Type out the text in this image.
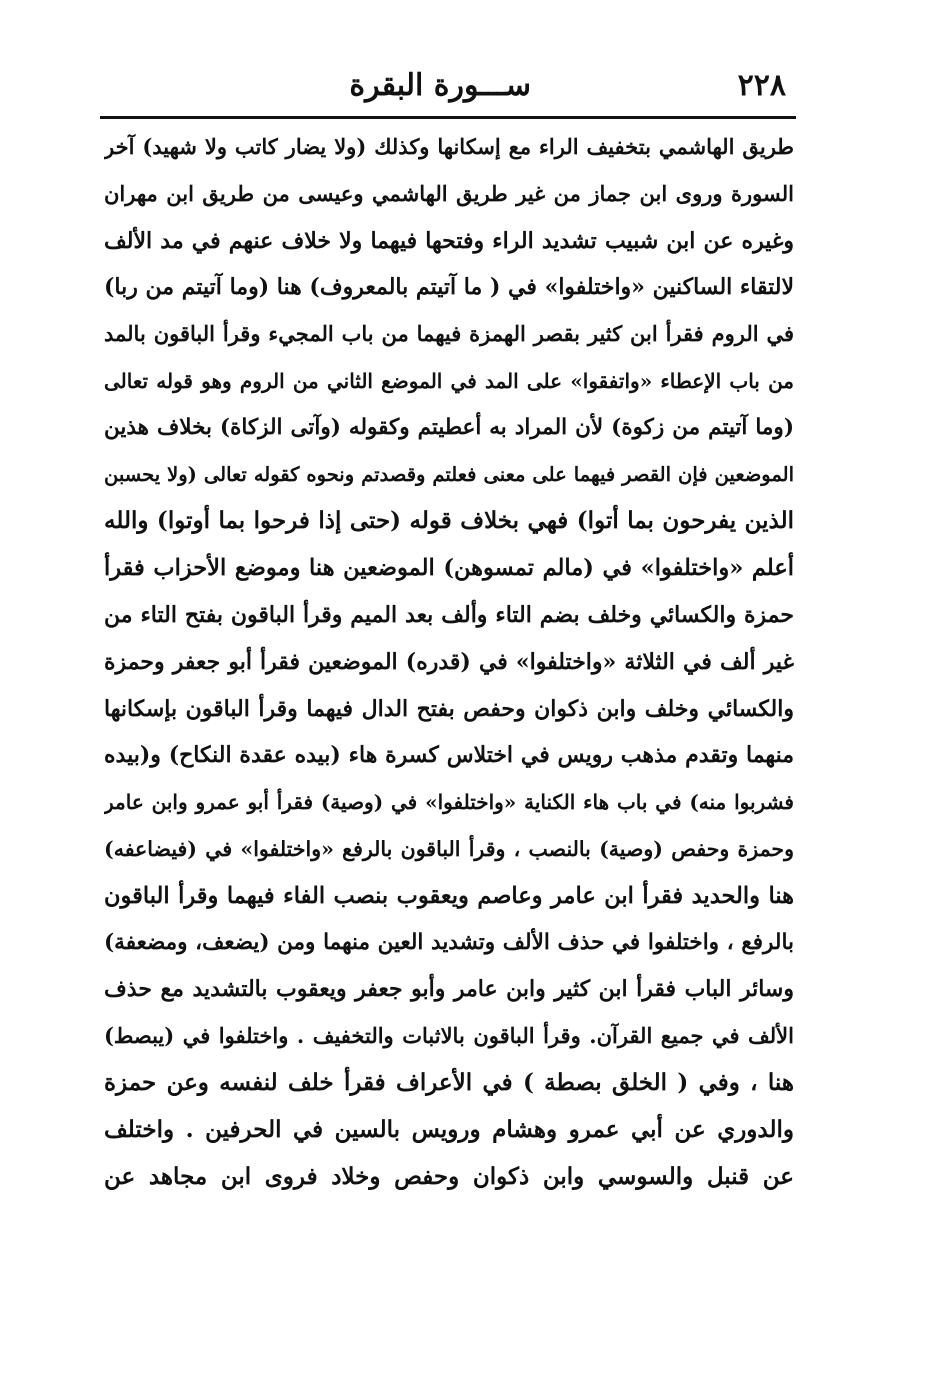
٢٢٨
ســـورة البقرة
طريق الهاشمي بتخفيف الراء مع إسكانها وكذلك (ولا يضار كاتب ولا شهيد) آخر
السورة وروى ابن جماز من غير طريق الهاشمي وعيسى من طريق ابن مهران
وغيره عن ابن شبيب تشديد الراء وفتحها فيهما ولا خلاف عنهم في مد الألف
لالتقاء الساكنين «واختلفوا» في ( ما آتيتم بالمعروف) هنا (وما آتيتم من ربا)
في الروم فقرأ ابن كثير بقصر الهمزة فيهما من باب المجيء وقرأ الباقون بالمد
من باب الإعطاء «واتفقوا» على المد في الموضع الثاني من الروم وهو قوله تعالى
(وما آتيتم من زكوة) لأن المراد به أعطيتم وكقوله (وآتى الزكاة) بخلاف هذين
الموضعين فإن القصر فيهما على معنى فعلتم وقصدتم ونحوه كقوله تعالى (ولا يحسبن
الذين يفرحون بما أتوا) فهي بخلاف قوله (حتى إذا فرحوا بما أوتوا) والله
أعلم «واختلفوا» في (مالم تمسوهن) الموضعين هنا وموضع الأحزاب فقرأ
حمزة والكسائي وخلف بضم التاء وألف بعد الميم وقرأ الباقون بفتح التاء من
غير ألف في الثلاثة «واختلفوا» في (قدره) الموضعين فقرأ أبو جعفر وحمزة
والكسائي وخلف وابن ذكوان وحفص بفتح الدال فيهما وقرأ الباقون بإسكانها
منهما وتقدم مذهب رويس في اختلاس كسرة هاء (بيده عقدة النكاح) و(بيده
فشربوا منه) في باب هاء الكناية «واختلفوا» في (وصية) فقرأ أبو عمرو وابن عامر
وحمزة وحفص (وصية) بالنصب ، وقرأ الباقون بالرفع «واختلفوا» في (فيضاعفه)
هنا والحديد فقرأ ابن عامر وعاصم ويعقوب بنصب الفاء فيهما وقرأ الباقون
بالرفع ، واختلفوا في حذف الألف وتشديد العين منهما ومن (يضعف، ومضعفة)
وسائر الباب فقرأ ابن كثير وابن عامر وأبو جعفر ويعقوب بالتشديد مع حذف
الألف في جميع القرآن. وقرأ الباقون بالاثبات والتخفيف . واختلفوا في (يبصط)
هنا ، وفي ( الخلق بصطة ) في الأعراف فقرأ خلف لنفسه وعن حمزة
والدوري عن أبي عمرو وهشام ورويس بالسين في الحرفين . واختلف
عن قنبل والسوسي وابن ذكوان وحفص وخلاد فروى ابن مجاهد عن
